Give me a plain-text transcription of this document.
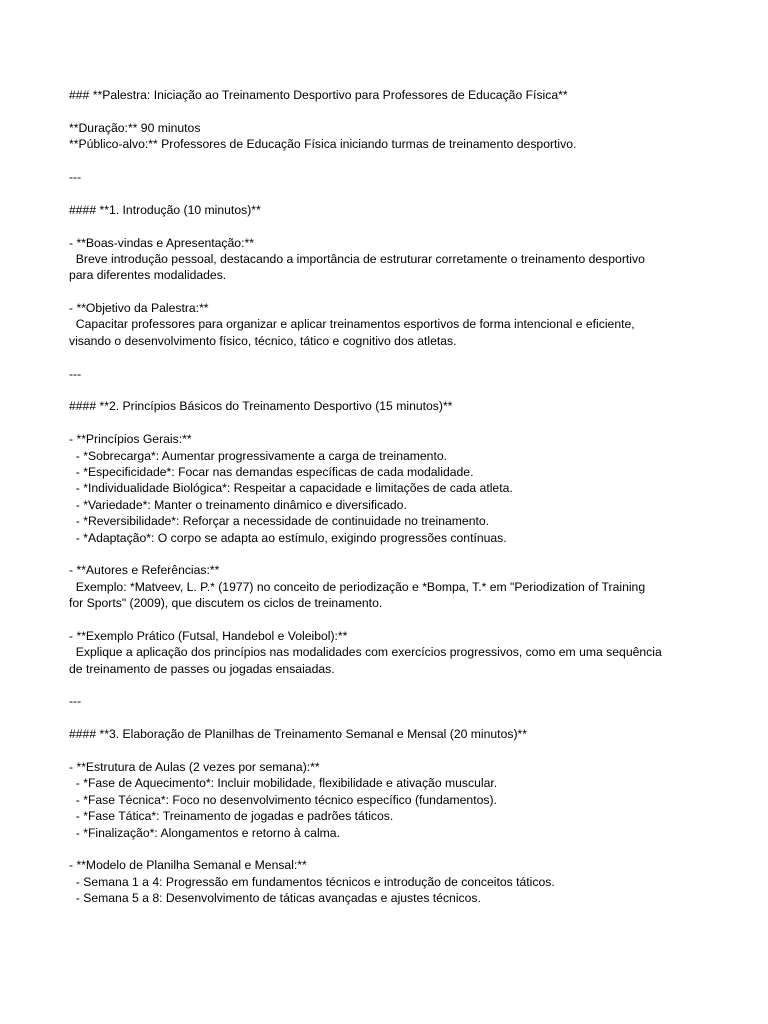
### **Palestra: Iniciação ao Treinamento Desportivo para Professores de Educação Física**
**Duração:** 90 minutos
**Público-alvo:** Professores de Educação Física iniciando turmas de treinamento desportivo.
---
#### **1. Introdução (10 minutos)**
- **Boas-vindas e Apresentação:**
Breve introdução pessoal, destacando a importância de estruturar corretamente o treinamento desportivo
para diferentes modalidades.
- **Objetivo da Palestra:**
Capacitar professores para organizar e aplicar treinamentos esportivos de forma intencional e eficiente,
visando o desenvolvimento físico, técnico, tático e cognitivo dos atletas.
---
#### **2. Princípios Básicos do Treinamento Desportivo (15 minutos)**
- **Princípios Gerais:**
- *Sobrecarga*: Aumentar progressivamente a carga de treinamento.
- *Especificidade*: Focar nas demandas específicas de cada modalidade.
- *Individualidade Biológica*: Respeitar a capacidade e limitações de cada atleta.
- *Variedade*: Manter o treinamento dinâmico e diversificado.
- *Reversibilidade*: Reforçar a necessidade de continuidade no treinamento.
- *Adaptação*: O corpo se adapta ao estímulo, exigindo progressões contínuas.
- **Autores e Referências:**
Exemplo: *Matveev, L. P.* (1977) no conceito de periodização e *Bompa, T.* em "Periodization of Training
for Sports" (2009), que discutem os ciclos de treinamento.
- **Exemplo Prático (Futsal, Handebol e Voleibol):**
Explique a aplicação dos princípios nas modalidades com exercícios progressivos, como em uma sequência
de treinamento de passes ou jogadas ensaiadas.
---
#### **3. Elaboração de Planilhas de Treinamento Semanal e Mensal (20 minutos)**
- **Estrutura de Aulas (2 vezes por semana):**
- *Fase de Aquecimento*: Incluir mobilidade, flexibilidade e ativação muscular.
- *Fase Técnica*: Foco no desenvolvimento técnico específico (fundamentos).
- *Fase Tática*: Treinamento de jogadas e padrões táticos.
- *Finalização*: Alongamentos e retorno à calma.
- **Modelo de Planilha Semanal e Mensal:**
- Semana 1 a 4: Progressão em fundamentos técnicos e introdução de conceitos táticos.
- Semana 5 a 8: Desenvolvimento de táticas avançadas e ajustes técnicos.
